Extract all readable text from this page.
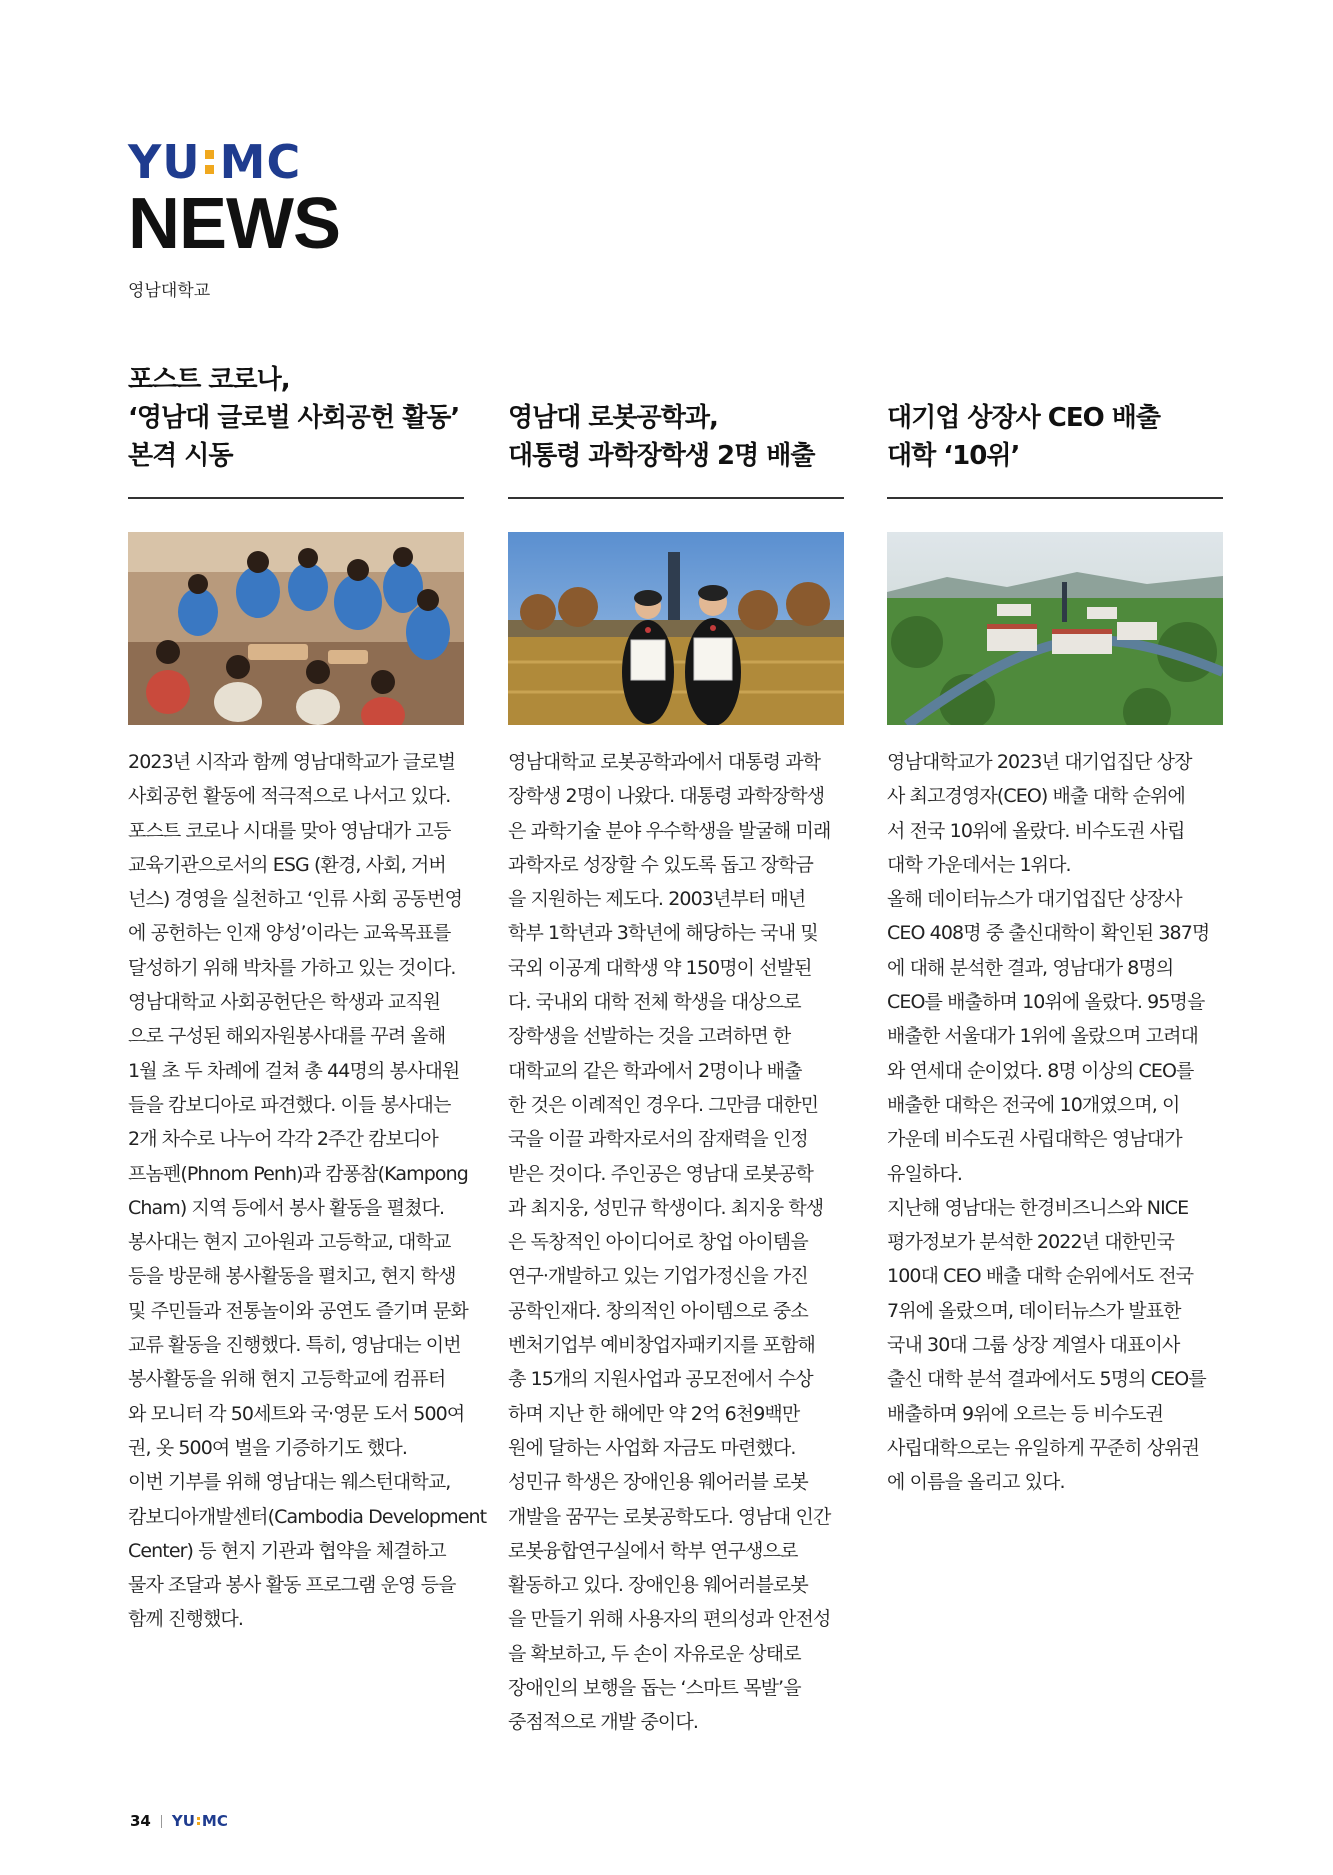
YU MC
NEWS
영남대학교
포스트 코로나,
‘영남대 글로벌 사회공헌 활동’
본격 시동

2023년 시작과 함께 영남대학교가 글로벌

사회공헌 활동에 적극적으로 나서고 있다.

포스트 코로나 시대를 맞아 영남대가 고등

교육기관으로서의 ESG (환경, 사회, 거버

넌스) 경영을 실천하고 ‘인류 사회 공동번영

에 공헌하는 인재 양성’이라는 교육목표를

달성하기 위해 박차를 가하고 있는 것이다.

영남대학교 사회공헌단은 학생과 교직원

으로 구성된 해외자원봉사대를 꾸려 올해

1월 초 두 차례에 걸쳐 총 44명의 봉사대원

들을 캄보디아로 파견했다. 이들 봉사대는

2개 차수로 나누어 각각 2주간 캄보디아

프놈펜(Phnom Penh)과 캄퐁참(Kampong

Cham) 지역 등에서 봉사 활동을 펼쳤다.

봉사대는 현지 고아원과 고등학교, 대학교

등을 방문해 봉사활동을 펼치고, 현지 학생

및 주민들과 전통놀이와 공연도 즐기며 문화

교류 활동을 진행했다. 특히, 영남대는 이번

봉사활동을 위해 현지 고등학교에 컴퓨터

와 모니터 각 50세트와 국·영문 도서 500여

권, 옷 500여 벌을 기증하기도 했다.

이번 기부를 위해 영남대는 웨스턴대학교,

캄보디아개발센터(Cambodia Development

Center) 등 현지 기관과 협약을 체결하고

물자 조달과 봉사 활동 프로그램 운영 등을

함께 진행했다.

영남대 로봇공학과,
대통령 과학장학생 2명 배출

영남대학교 로봇공학과에서 대통령 과학

장학생 2명이 나왔다. 대통령 과학장학생

은 과학기술 분야 우수학생을 발굴해 미래

과학자로 성장할 수 있도록 돕고 장학금

을 지원하는 제도다. 2003년부터 매년

학부 1학년과 3학년에 해당하는 국내 및

국외 이공계 대학생 약 150명이 선발된

다. 국내외 대학 전체 학생을 대상으로

장학생을 선발하는 것을 고려하면 한

대학교의 같은 학과에서 2명이나 배출

한 것은 이례적인 경우다. 그만큼 대한민

국을 이끌 과학자로서의 잠재력을 인정

받은 것이다. 주인공은 영남대 로봇공학

과 최지웅, 성민규 학생이다. 최지웅 학생

은 독창적인 아이디어로 창업 아이템을

연구·개발하고 있는 기업가정신을 가진

공학인재다. 창의적인 아이템으로 중소

벤처기업부 예비창업자패키지를 포함해

총 15개의 지원사업과 공모전에서 수상

하며 지난 한 해에만 약 2억 6천9백만

원에 달하는 사업화 자금도 마련했다.

성민규 학생은 장애인용 웨어러블 로봇

개발을 꿈꾸는 로봇공학도다. 영남대 인간

로봇융합연구실에서 학부 연구생으로

활동하고 있다. 장애인용 웨어러블로봇

을 만들기 위해 사용자의 편의성과 안전성

을 확보하고, 두 손이 자유로운 상태로

장애인의 보행을 돕는 ‘스마트 목발’을

중점적으로 개발 중이다.

대기업 상장사 CEO 배출
대학 ‘10위’

영남대학교가 2023년 대기업집단 상장

사 최고경영자(CEO) 배출 대학 순위에

서 전국 10위에 올랐다. 비수도권 사립

대학 가운데서는 1위다.

올해 데이터뉴스가 대기업집단 상장사

CEO 408명 중 출신대학이 확인된 387명

에 대해 분석한 결과, 영남대가 8명의

CEO를 배출하며 10위에 올랐다. 95명을

배출한 서울대가 1위에 올랐으며 고려대

와 연세대 순이었다. 8명 이상의 CEO를

배출한 대학은 전국에 10개였으며, 이

가운데 비수도권 사립대학은 영남대가

유일하다.

지난해 영남대는 한경비즈니스와 NICE

평가정보가 분석한 2022년 대한민국

100대 CEO 배출 대학 순위에서도 전국

7위에 올랐으며, 데이터뉴스가 발표한

국내 30대 그룹 상장 계열사 대표이사

출신 대학 분석 결과에서도 5명의 CEO를

배출하며 9위에 오르는 등 비수도권

사립대학으로는 유일하게 꾸준히 상위권

에 이름을 올리고 있다.

34 YU MC
